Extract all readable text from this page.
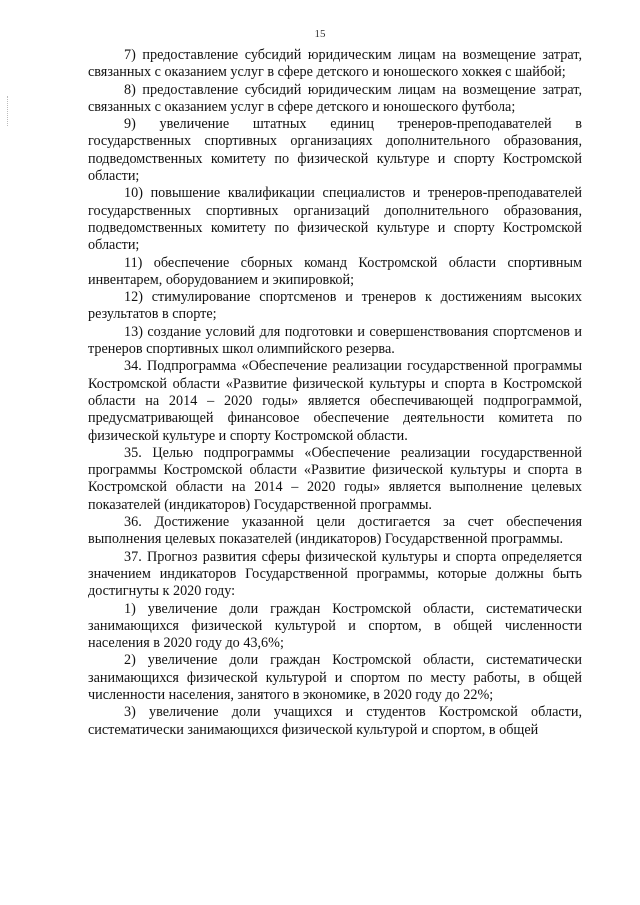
15

7) предоставление субсидий юридическим лицам на возмещение затрат, связанных с оказанием услуг в сфере детского и юношеского хоккея с шайбой;

8) предоставление субсидий юридическим лицам на возмещение затрат, связанных с оказанием услуг в сфере детского и юношеского футбола;

9) увеличение штатных единиц тренеров-преподавателей в государственных спортивных организациях дополнительного образования, подведомственных комитету по физической культуре и спорту Костромской области;

10) повышение квалификации специалистов и тренеров-преподавателей государственных спортивных организаций дополнительного образования, подведомственных комитету по физической культуре и спорту Костромской области;

11) обеспечение сборных команд Костромской области спортивным инвентарем, оборудованием и экипировкой;

12) стимулирование спортсменов и тренеров к достижениям высоких результатов в спорте;

13) создание условий для подготовки и совершенствования спортсменов и тренеров спортивных школ олимпийского резерва.

34. Подпрограмма «Обеспечение реализации государственной программы Костромской области «Развитие физической культуры и спорта в Костромской области на 2014 – 2020 годы» является обеспечивающей подпрограммой, предусматривающей финансовое обеспечение деятельности комитета по физической культуре и спорту Костромской области.

35. Целью подпрограммы «Обеспечение реализации государственной программы Костромской области «Развитие физической культуры и спорта в Костромской области на 2014 – 2020 годы» является выполнение целевых показателей (индикаторов) Государственной программы.

36. Достижение указанной цели достигается за счет обеспечения выполнения целевых показателей (индикаторов) Государственной программы.

37. Прогноз развития сферы физической культуры и спорта определяется значением индикаторов Государственной программы, которые должны быть достигнуты к 2020 году:

1) увеличение доли граждан Костромской области, систематически занимающихся физической культурой и спортом, в общей численности населения в 2020 году до 43,6%;

2) увеличение доли граждан Костромской области, систематически занимающихся физической культурой и спортом по месту работы, в общей численности населения, занятого в экономике, в 2020 году до 22%;

3) увеличение доли учащихся и студентов Костромской области, систематически занимающихся физической культурой и спортом, в общей
